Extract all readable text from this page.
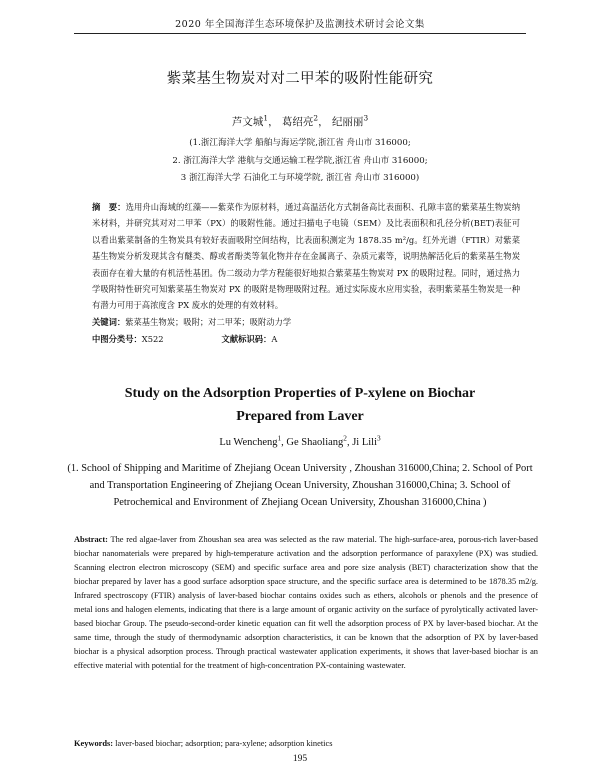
2020 年全国海洋生态环境保护及监测技术研讨会论文集
紫菜基生物炭对对二甲苯的吸附性能研究
芦文城$^1$， 葛绍亮$^2$， 纪丽丽$^3$
(1.浙江海洋大学 船舶与海运学院,浙江省 舟山市 316000;
2. 浙江海洋大学 港航与交通运输工程学院,浙江省 舟山市 316000;
3 浙江海洋大学 石油化工与环境学院, 浙江省 舟山市 316000)
摘　要：选用舟山海域的红藻——紫菜作为原材料，通过高温活化方式制备高比表面积、孔隙丰富的紫菜基生物炭纳米材料，并研究其对对二甲苯（PX）的吸附性能。通过扫描电子电镜（SEM）及比表面积和孔径分析(BET)表征可以看出紫菜制备的生物炭具有较好表面吸附空间结构，比表面积测定为 1878.35 m²/g。红外光谱（FTIR）对紫菜基生物炭分析发现其含有醚类、醇或者酚类等氧化物并存在金属离子、杂质元素等，说明热解活化后的紫菜基生物炭表面存在着大量的有机活性基团。伪二级动力学方程能很好地拟合紫菜基生物炭对 PX 的吸附过程。同时，通过热力学吸附特性研究可知紫菜基生物炭对 PX 的吸附是物理吸附过程。通过实际废水应用实验，表明紫菜基生物炭是一种有潜力可用于高浓度含 PX 废水的处理的有效材料。
关键词：紫菜基生物炭；吸附；对二甲苯；吸附动力学
中图分类号：X522	文献标识码：A
Study on the Adsorption Properties of P-xylene on Biochar
Prepared from Laver
Lu Wencheng$^1$, Ge Shaoliang$^2$, Ji Lili$^3$
(1. School of Shipping and Maritime of Zhejiang Ocean University , Zhoushan 316000,China; 2. School of Port and Transportation Engineering of Zhejiang Ocean University, Zhoushan 316000,China; 3. School of Petrochemical and Environment of Zhejiang Ocean University, Zhoushan 316000,China )
Abstract: The red algae-laver from Zhoushan sea area was selected as the raw material. The high-surface-area, porous-rich laver-based biochar nanomaterials were prepared by high-temperature activation and the adsorption performance of paraxylene (PX) was studied. Scanning electron electron microscopy (SEM) and specific surface area and pore size analysis (BET) characterization show that the biochar prepared by laver has a good surface adsorption space structure, and the specific surface area is determined to be 1878.35 m2/g. Infrared spectroscopy (FTIR) analysis of laver-based biochar contains oxides such as ethers, alcohols or phenols and the presence of metal ions and halogen elements, indicating that there is a large amount of organic activity on the surface of pyrolytically activated laver-based biochar Group. The pseudo-second-order kinetic equation can fit well the adsorption process of PX by laver-based biochar. At the same time, through the study of thermodynamic adsorption characteristics, it can be known that the adsorption of PX by laver-based biochar is a physical adsorption process. Through practical wastewater application experiments, it shows that laver-based biochar is an effective material with potential for the treatment of high-concentration PX-containing wastewater.
Keywords: laver-based biochar; adsorption; para-xylene; adsorption kinetics
195
